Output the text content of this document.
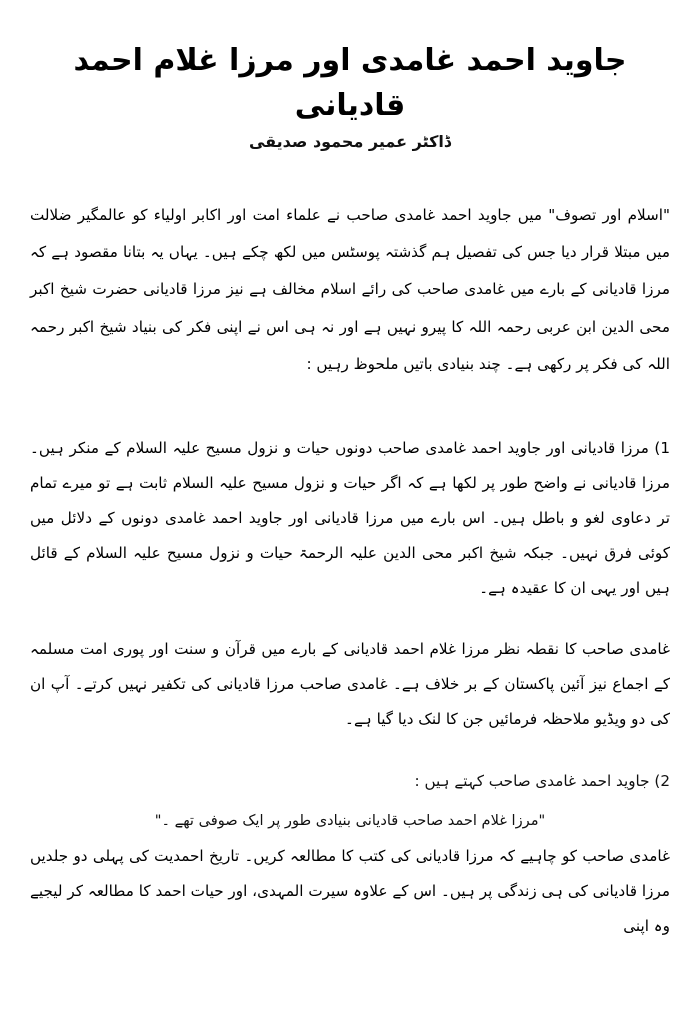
جاوید احمد غامدی اور مرزا غلام احمد قادیانی
ڈاکٹر عمیر محمود صدیقی

"اسلام اور تصوف" میں جاوید احمد غامدی صاحب نے علماء امت اور اکابر اولیاء کو عالمگیر ضلالت میں مبتلا قرار دیا جس کی تفصیل ہم گذشتہ پوسٹس میں لکھ چکے ہیں۔ یہاں یہ بتانا مقصود ہے کہ مرزا قادیانی کے بارے میں غامدی صاحب کی رائے اسلام مخالف ہے نیز مرزا قادیانی حضرت شیخ اکبر محی الدین ابن عربی رحمہ اللہ کا پیرو نہیں ہے اور نہ ہی اس نے اپنی فکر کی بنیاد شیخ اکبر رحمہ اللہ کی فکر پر رکھی ہے۔ چند بنیادی باتیں ملحوظ رہیں :

1) مرزا قادیانی اور جاوید احمد غامدی صاحب دونوں حیات و نزول مسیح علیہ السلام کے منکر ہیں۔ مرزا قادیانی نے واضح طور پر لکھا ہے کہ اگر حیات و نزول مسیح علیہ السلام ثابت ہے تو میرے تمام تر دعاوی لغو و باطل ہیں۔ اس بارے میں مرزا قادیانی اور جاوید احمد غامدی دونوں کے دلائل میں کوئی فرق نہیں۔ جبکہ شیخ اکبر محی الدین علیہ الرحمۃ حیات و نزول مسیح علیہ السلام کے قائل ہیں اور یہی ان کا عقیدہ ہے۔

غامدی صاحب کا نقطہ نظر مرزا غلام احمد قادیانی کے بارے میں قرآن و سنت اور پوری امت مسلمہ کے اجماع نیز آئین پاکستان کے بر خلاف ہے۔ غامدی صاحب مرزا قادیانی کی تکفیر نہیں کرتے۔ آپ ان کی دو ویڈیو ملاحظہ فرمائیں جن کا لنک دیا گیا ہے۔

2) جاوید احمد غامدی صاحب کہتے ہیں :

"مرزا غلام احمد صاحب قادیانی بنیادی طور پر ایک صوفی تھے ۔"

غامدی صاحب کو چاہیے کہ مرزا قادیانی کی کتب کا مطالعہ کریں۔ تاریخ احمدیت کی پہلی دو جلدیں مرزا قادیانی کی ہی زندگی پر ہیں۔ اس کے علاوہ سیرت المہدی، اور حیات احمد کا مطالعہ کر لیجیے وہ اپنی
